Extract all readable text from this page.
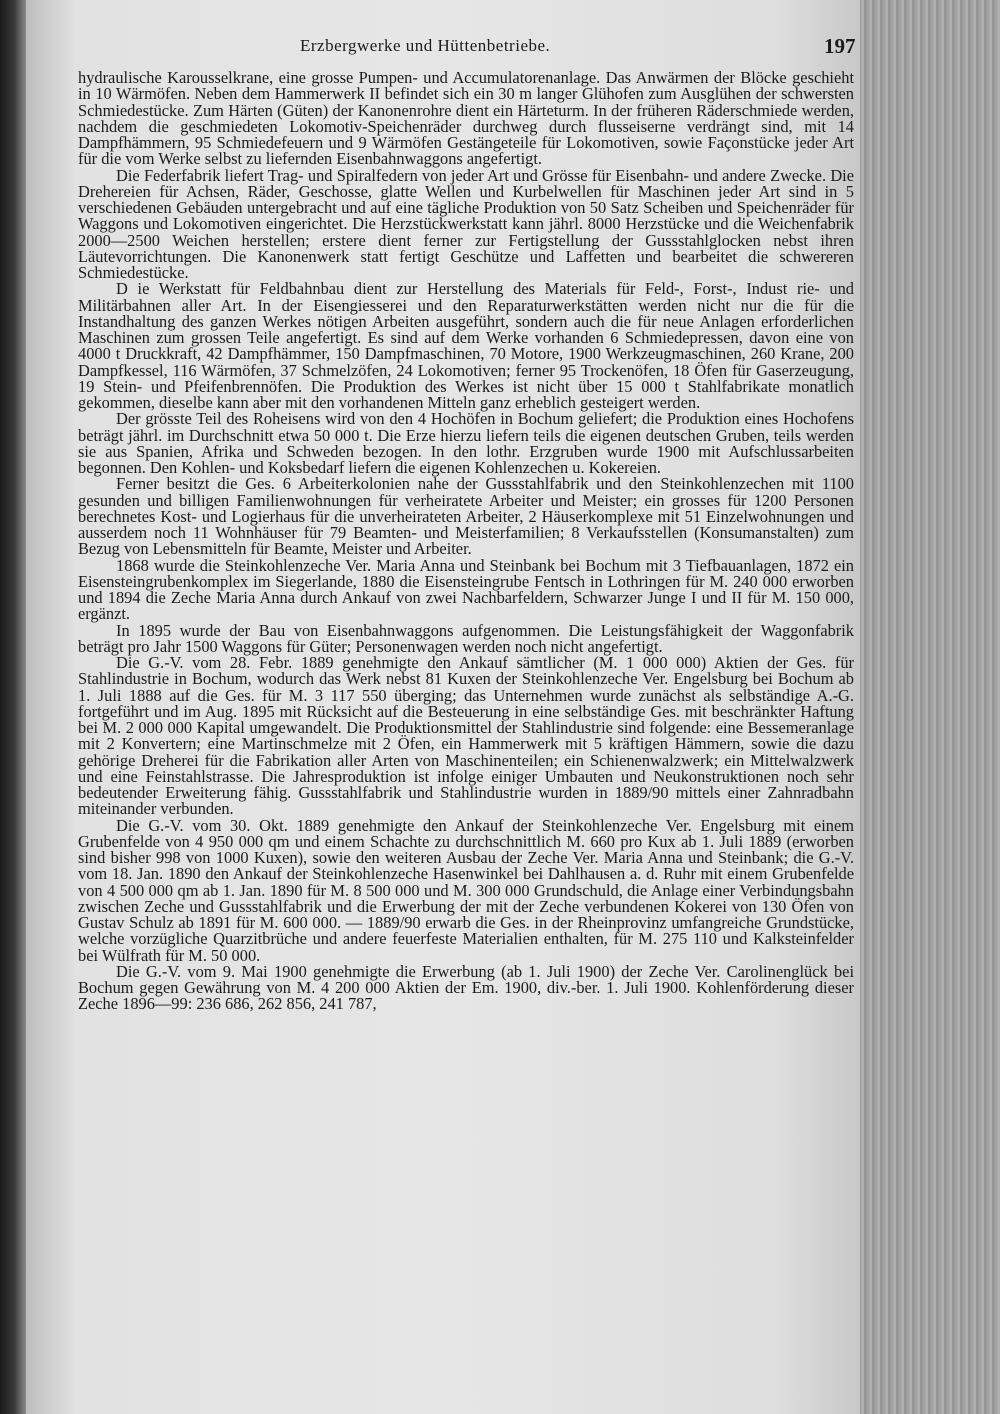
Erzbergwerke und Hüttenbetriebe.	197

hydraulische Karousselkrane, eine grosse Pumpen- und Accumulatorenanlage. Das Anwärmen der Blöcke geschieht in 10 Wärmöfen. Neben dem Hammerwerk II befindet sich ein 30 m langer Glühofen zum Ausglühen der schwersten Schmiedestücke. Zum Härten (Güten) der Kanonenrohre dient ein Härteturm. In der früheren Räderschmiede werden, nachdem die geschmiedeten Lokomotiv-Speichenräder durchweg durch flusseiserne verdrängt sind, mit 14 Dampfhämmern, 95 Schmiedefeuern und 9 Wärmöfen Gestängeteile für Lokomotiven, sowie Façonstücke jeder Art für die vom Werke selbst zu liefernden Eisenbahnwaggons angefertigt.

Die Federfabrik liefert Trag- und Spiralfedern von jeder Art und Grösse für Eisenbahn- und andere Zwecke. Die Drehereien für Achsen, Räder, Geschosse, glatte Wellen und Kurbelwellen für Maschinen jeder Art sind in 5 verschiedenen Gebäuden untergebracht und auf eine tägliche Produktion von 50 Satz Scheiben und Speichenräder für Waggons und Lokomotiven eingerichtet. Die Herzstückwerkstatt kann jährl. 8000 Herzstücke und die Weichenfabrik 2000—2500 Weichen herstellen; erstere dient ferner zur Fertigstellung der Gussstahlglocken nebst ihren Läutevorrichtungen. Die Kanonenwerk statt fertigt Geschütze und Laffetten und bearbeitet die schwereren Schmiedestücke.

D ie Werkstatt für Feldbahnbau dient zur Herstellung des Materials für Feld-, Forst-, Indust rie- und Militärbahnen aller Art. In der Eisengiesserei und den Reparaturwerkstätten werden nicht nur die für die Instandhaltung des ganzen Werkes nötigen Arbeiten ausgeführt, sondern auch die für neue Anlagen erforderlichen Maschinen zum grossen Teile angefertigt. Es sind auf dem Werke vorhanden 6 Schmiedepressen, davon eine von 4000 t Druckkraft, 42 Dampfhämmer, 150 Dampfmaschinen, 70 Motore, 1900 Werkzeugmaschinen, 260 Krane, 200 Dampfkessel, 116 Wärmöfen, 37 Schmelzöfen, 24 Lokomotiven; ferner 95 Trockenöfen, 18 Öfen für Gaserzeugung, 19 Stein- und Pfeifenbrennöfen. Die Produktion des Werkes ist nicht über 15 000 t Stahlfabrikate monatlich gekommen, dieselbe kann aber mit den vorhandenen Mitteln ganz erheblich gesteigert werden.

Der grösste Teil des Roheisens wird von den 4 Hochöfen in Bochum geliefert; die Produktion eines Hochofens beträgt jährl. im Durchschnitt etwa 50 000 t. Die Erze hierzu liefern teils die eigenen deutschen Gruben, teils werden sie aus Spanien, Afrika und Schweden bezogen. In den lothr. Erzgruben wurde 1900 mit Aufschlussarbeiten begonnen. Den Kohlen- und Koksbedarf liefern die eigenen Kohlenzechen u. Kokereien.

Ferner besitzt die Ges. 6 Arbeiterkolonien nahe der Gussstahlfabrik und den Steinkohlenzechen mit 1100 gesunden und billigen Familienwohnungen für verheiratete Arbeiter und Meister; ein grosses für 1200 Personen berechnetes Kost- und Logierhaus für die unverheirateten Arbeiter, 2 Häuserkomplexe mit 51 Einzelwohnungen und ausserdem noch 11 Wohnhäuser für 79 Beamten- und Meisterfamilien; 8 Verkaufsstellen (Konsumanstalten) zum Bezug von Lebensmitteln für Beamte, Meister und Arbeiter.

1868 wurde die Steinkohlenzeche Ver. Maria Anna und Steinbank bei Bochum mit 3 Tiefbauanlagen, 1872 ein Eisensteingrubenkomplex im Siegerlande, 1880 die Eisensteingrube Fentsch in Lothringen für M. 240 000 erworben und 1894 die Zeche Maria Anna durch Ankauf von zwei Nachbarfeldern, Schwarzer Junge I und II für M. 150 000, ergänzt.

In 1895 wurde der Bau von Eisenbahnwaggons aufgenommen. Die Leistungsfähigkeit der Waggonfabrik beträgt pro Jahr 1500 Waggons für Güter; Personenwagen werden noch nicht angefertigt.

Die G.-V. vom 28. Febr. 1889 genehmigte den Ankauf sämtlicher (M. 1 000 000) Aktien der Ges. für Stahlindustrie in Bochum, wodurch das Werk nebst 81 Kuxen der Steinkohlenzeche Ver. Engelsburg bei Bochum ab 1. Juli 1888 auf die Ges. für M. 3 117 550 überging; das Unternehmen wurde zunächst als selbständige A.-G. fortgeführt und im Aug. 1895 mit Rücksicht auf die Besteuerung in eine selbständige Ges. mit beschränkter Haftung bei M. 2 000 000 Kapital umgewandelt. Die Produktionsmittel der Stahlindustrie sind folgende: eine Bessemeranlage mit 2 Konvertern; eine Martinschmelze mit 2 Öfen, ein Hammerwerk mit 5 kräftigen Hämmern, sowie die dazu gehörige Dreherei für die Fabrikation aller Arten von Maschinenteilen; ein Schienenwalzwerk; ein Mittelwalzwerk und eine Feinstahlstrasse. Die Jahresproduktion ist infolge einiger Umbauten und Neukonstruktionen noch sehr bedeutender Erweiterung fähig. Gussstahlfabrik und Stahlindustrie wurden in 1889/90 mittels einer Zahnradbahn miteinander verbunden.

Die G.-V. vom 30. Okt. 1889 genehmigte den Ankauf der Steinkohlenzeche Ver. Engelsburg mit einem Grubenfelde von 4 950 000 qm und einem Schachte zu durchschnittlich M. 660 pro Kux ab 1. Juli 1889 (erworben sind bisher 998 von 1000 Kuxen), sowie den weiteren Ausbau der Zeche Ver. Maria Anna und Steinbank; die G.-V. vom 18. Jan. 1890 den Ankauf der Steinkohlenzeche Hasenwinkel bei Dahlhausen a. d. Ruhr mit einem Grubenfelde von 4 500 000 qm ab 1. Jan. 1890 für M. 8 500 000 und M. 300 000 Grundschuld, die Anlage einer Verbindungsbahn zwischen Zeche und Gussstahlfabrik und die Erwerbung der mit der Zeche verbundenen Kokerei von 130 Öfen von Gustav Schulz ab 1891 für M. 600 000. — 1889/90 erwarb die Ges. in der Rheinprovinz umfangreiche Grundstücke, welche vorzügliche Quarzitbrüche und andere feuerfeste Materialien enthalten, für M. 275 110 und Kalksteinfelder bei Wülfrath für M. 50 000.

Die G.-V. vom 9. Mai 1900 genehmigte die Erwerbung (ab 1. Juli 1900) der Zeche Ver. Carolinenglück bei Bochum gegen Gewährung von M. 4 200 000 Aktien der Em. 1900, div.-ber. 1. Juli 1900. Kohlenförderung dieser Zeche 1896—99: 236 686, 262 856, 241 787,
